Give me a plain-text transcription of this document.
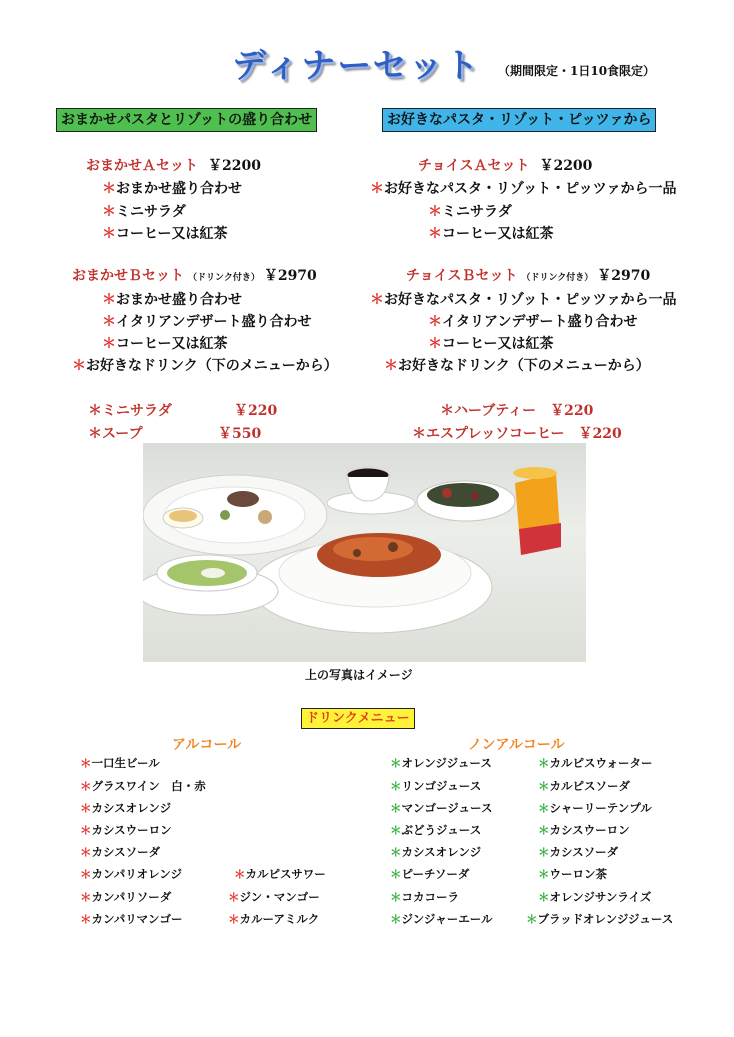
ディナーセット （期間限定・1日10食限定）
おまかせパスタとリゾットの盛り合わせ	お好きなパスタ・リゾット・ピッツァから
おまかせＡセット ￥2200
＊おまかせ盛り合わせ
＊ミニサラダ
＊コーヒー又は紅茶
おまかせＢセット （ドリンク付き） ￥2970
＊おまかせ盛り合わせ
＊イタリアンデザート盛り合わせ
＊コーヒー又は紅茶
＊お好きなドリンク（下のメニューから）
チョイスＡセット ￥2200
＊お好きなパスタ・リゾット・ピッツァから一品
＊ミニサラダ
＊コーヒー又は紅茶
チョイスＢセット （ドリンク付き） ￥2970
＊お好きなパスタ・リゾット・ピッツァから一品
＊イタリアンデザート盛り合わせ
＊コーヒー又は紅茶
＊お好きなドリンク（下のメニューから）
＊ミニサラダ	￥220
＊スープ	￥550
＊ハーブティー ￥220
＊エスプレッソコーヒー ￥220
上の写真はイメージ
ドリンクメニュー
アルコール	ノンアルコール
＊一口生ビール
＊グラスワイン　白・赤
＊カシスオレンジ
＊カシスウーロン
＊カシスソーダ
＊カンパリオレンジ
＊カンパリソーダ
＊カンパリマンゴー
＊カルピスサワー
＊ジン・マンゴー
＊カルーアミルク
＊オレンジジュース
＊リンゴジュース
＊マンゴージュース
＊ぶどうジュース
＊カシスオレンジ
＊ピーチソーダ
＊コカコーラ
＊ジンジャーエール
＊カルピスウォーター
＊カルピスソーダ
＊シャーリーテンプル
＊カシスウーロン
＊カシスソーダ
＊ウーロン茶
＊オレンジサンライズ
＊ブラッドオレンジジュース
